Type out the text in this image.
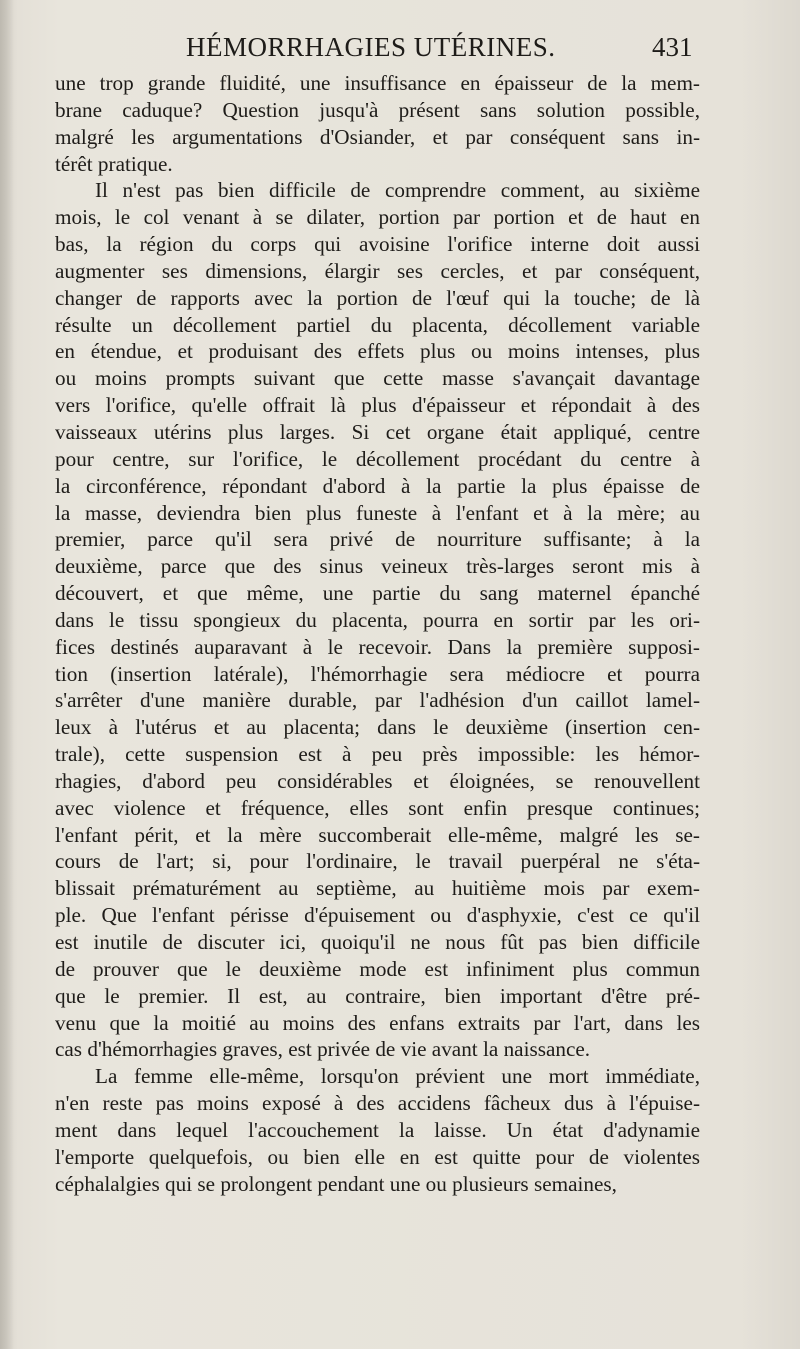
HÉMORRHAGIES UTÉRINES.	431
une trop grande fluidité, une insuffisance en épaisseur de la mem-
brane caduque? Question jusqu'à présent sans solution possible,
malgré les argumentations d'Osiander, et par conséquent sans in-
térêt pratique.
Il n'est pas bien difficile de comprendre comment, au sixième
mois, le col venant à se dilater, portion par portion et de haut en
bas, la région du corps qui avoisine l'orifice interne doit aussi
augmenter ses dimensions, élargir ses cercles, et par conséquent,
changer de rapports avec la portion de l'œuf qui la touche; de là
résulte un décollement partiel du placenta, décollement variable
en étendue, et produisant des effets plus ou moins intenses, plus
ou moins prompts suivant que cette masse s'avançait davantage
vers l'orifice, qu'elle offrait là plus d'épaisseur et répondait à des
vaisseaux utérins plus larges. Si cet organe était appliqué, centre
pour centre, sur l'orifice, le décollement procédant du centre à
la circonférence, répondant d'abord à la partie la plus épaisse de
la masse, deviendra bien plus funeste à l'enfant et à la mère; au
premier, parce qu'il sera privé de nourriture suffisante; à la
deuxième, parce que des sinus veineux très-larges seront mis à
découvert, et que même, une partie du sang maternel épanché
dans le tissu spongieux du placenta, pourra en sortir par les ori-
fices destinés auparavant à le recevoir. Dans la première supposi-
tion (insertion latérale), l'hémorrhagie sera médiocre et pourra
s'arrêter d'une manière durable, par l'adhésion d'un caillot lamel-
leux à l'utérus et au placenta; dans le deuxième (insertion cen-
trale), cette suspension est à peu près impossible: les hémor-
rhagies, d'abord peu considérables et éloignées, se renouvellent
avec violence et fréquence, elles sont enfin presque continues;
l'enfant périt, et la mère succomberait elle-même, malgré les se-
cours de l'art; si, pour l'ordinaire, le travail puerpéral ne s'éta-
blissait prématurément au septième, au huitième mois par exem-
ple. Que l'enfant périsse d'épuisement ou d'asphyxie, c'est ce qu'il
est inutile de discuter ici, quoiqu'il ne nous fût pas bien difficile
de prouver que le deuxième mode est infiniment plus commun
que le premier. Il est, au contraire, bien important d'être pré-
venu que la moitié au moins des enfans extraits par l'art, dans les
cas d'hémorrhagies graves, est privée de vie avant la naissance.
La femme elle-même, lorsqu'on prévient une mort immédiate,
n'en reste pas moins exposé à des accidens fâcheux dus à l'épuise-
ment dans lequel l'accouchement la laisse. Un état d'adynamie
l'emporte quelquefois, ou bien elle en est quitte pour de violentes
céphalalgies qui se prolongent pendant une ou plusieurs semaines,
